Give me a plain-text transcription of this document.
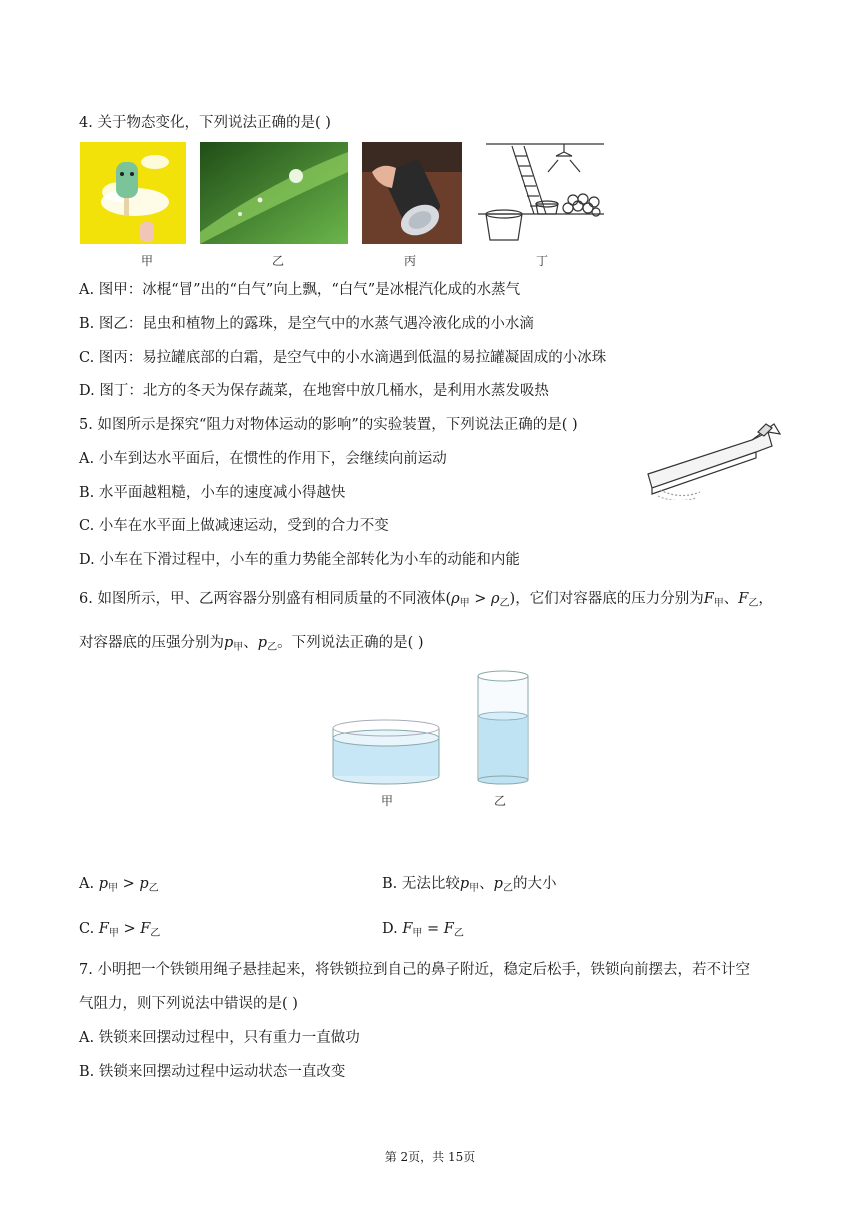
4. 关于物态变化，下列说法正确的是( )
甲	乙	丙	丁
A. 图甲：冰棍“冒”出的“白气”向上飘，“白气”是冰棍汽化成的水蒸气
B. 图乙：昆虫和植物上的露珠，是空气中的水蒸气遇冷液化成的小水滴
C. 图丙：易拉罐底部的白霜，是空气中的小水滴遇到低温的易拉罐凝固成的小冰珠
D. 图丁：北方的冬天为保存蔬菜，在地窖中放几桶水，是利用水蒸发吸热
5. 如图所示是探究“阻力对物体运动的影响”的实验装置，下列说法正确的是( )
A. 小车到达水平面后，在惯性的作用下，会继续向前运动
B. 水平面越粗糙，小车的速度减小得越快
C. 小车在水平面上做减速运动，受到的合力不变
D. 小车在下滑过程中，小车的重力势能全部转化为小车的动能和内能
6. 如图所示，甲、乙两容器分别盛有相同质量的不同液体$(\rho_甲 > \rho_乙)$，它们对容器底的压力分别为$F_甲$、$F_乙$，
对容器底的压强分别为$p_甲$、$p_乙$。下列说法正确的是( )
甲	乙
A. $p_甲 > p_乙$	B. 无法比较$p_甲$、$p_乙$的大小
C. $F_甲 > F_乙$	D. $F_甲 = F_乙$
7. 小明把一个铁锁用绳子悬挂起来，将铁锁拉到自己的鼻子附近，稳定后松手，铁锁向前摆去，若不计空
气阻力，则下列说法中错误的是( )
A. 铁锁来回摆动过程中，只有重力一直做功
B. 铁锁来回摆动过程中运动状态一直改变
第 2页，共 15页
